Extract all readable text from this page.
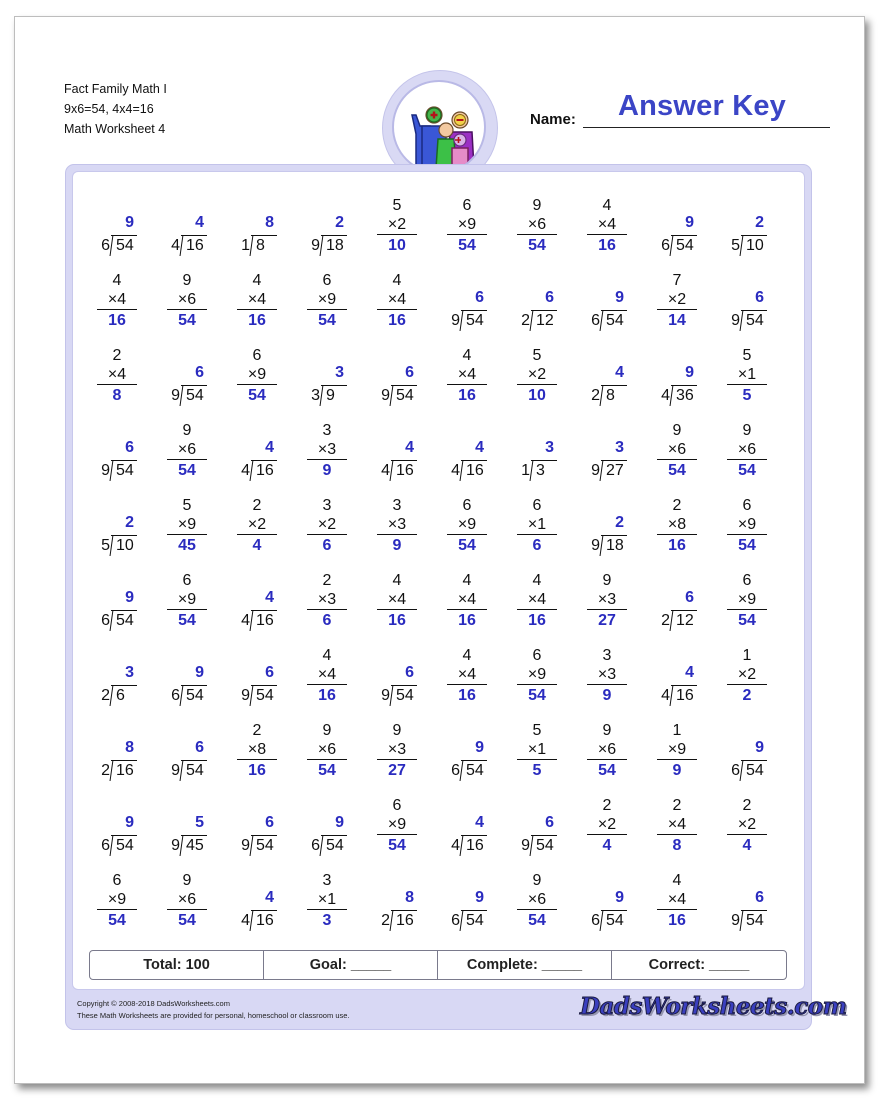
Fact Family Math I
9x6=54, 4x4=16
Math Worksheet 4
Name:	Answer Key
9
6 54
4
4 16
8
1 8
2
9 18
5
×2
10
6
×9
54
9
×6
54
4
×4
16
9
6 54
2
5 10
4
×4
16
9
×6
54
4
×4
16
6
×9
54
4
×4
16
6
9 54
6
2 12
9
6 54
7
×2
14
6
9 54
2
×4
8
6
9 54
6
×9
54
3
3 9
6
9 54
4
×4
16
5
×2
10
4
2 8
9
4 36
5
×1
5
6
9 54
9
×6
54
4
4 16
3
×3
9
4
4 16
4
4 16
3
1 3
3
9 27
9
×6
54
9
×6
54
2
5 10
5
×9
45
2
×2
4
3
×2
6
3
×3
9
6
×9
54
6
×1
6
2
9 18
2
×8
16
6
×9
54
9
6 54
6
×9
54
4
4 16
2
×3
6
4
×4
16
4
×4
16
4
×4
16
9
×3
27
6
2 12
6
×9
54
3
2 6
9
6 54
6
9 54
4
×4
16
6
9 54
4
×4
16
6
×9
54
3
×3
9
4
4 16
1
×2
2
8
2 16
6
9 54
2
×8
16
9
×6
54
9
×3
27
9
6 54
5
×1
5
9
×6
54
1
×9
9
9
6 54
9
6 54
5
9 45
6
9 54
9
6 54
6
×9
54
4
4 16
6
9 54
2
×2
4
2
×4
8
2
×2
4
6
×9
54
9
×6
54
4
4 16
3
×1
3
8
2 16
9
6 54
9
×6
54
9
6 54
4
×4
16
6
9 54
Total: 100	Goal: _____	Complete: _____	Correct: _____
Copyright © 2008-2018 DadsWorksheets.com
These Math Worksheets are provided for personal, homeschool or classroom use.	DadsWorksheets.com
